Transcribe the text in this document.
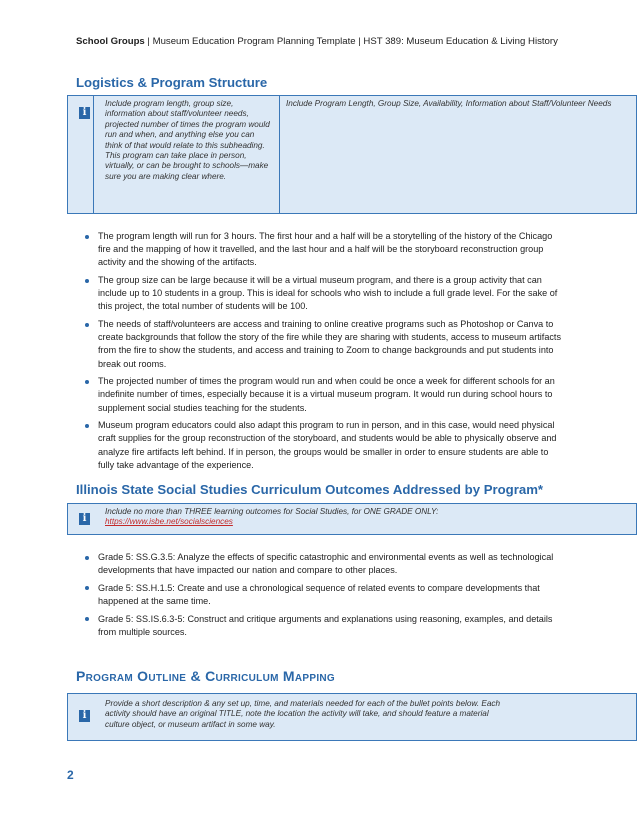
School Groups | Museum Education Program Planning Template | HST 389: Museum Education & Living History
Logistics & Program Structure
i
Include program length, group size, information about staff/volunteer needs, projected number of times the program would run and when, and anything else you can think of that would relate to this subheading. This program can take place in person, virtually, or can be brought to schools—make sure you are making clear where.
Include Program Length, Group Size, Availability, Information about Staff/Volunteer Needs
The program length will run for 3 hours. The first hour and a half will be a storytelling of the history of the Chicago fire and the mapping of how it travelled, and the last hour and a half will be the storyboard reconstruction group activity and the showing of the artifacts.
The group size can be large because it will be a virtual museum program, and there is a group activity that can include up to 10 students in a group. This is ideal for schools who wish to include a full grade level. For the sake of this project, the total number of students will be 100.
The needs of staff/volunteers are access and training to online creative programs such as Photoshop or Canva to create backgrounds that follow the story of the fire while they are sharing with students, access to museum artifacts from the fire to show the students, and access and training to Zoom to change backgrounds and put students into break out rooms.
The projected number of times the program would run and when could be once a week for different schools for an indefinite number of times, especially because it is a virtual museum program. It would run during school hours to supplement social studies teaching for the students.
Museum program educators could also adapt this program to run in person, and in this case, would need physical craft supplies for the group reconstruction of the storyboard, and students would be able to physically observe and analyze fire artifacts left behind. If in person, the groups would be smaller in order to ensure students are able to fully take advantage of the experience.
Illinois State Social Studies Curriculum Outcomes Addressed by Program*
i
Include no more than THREE learning outcomes for Social Studies, for ONE GRADE ONLY:
https://www.isbe.net/socialsciences
Grade 5: SS.G.3.5: Analyze the effects of specific catastrophic and environmental events as well as technological developments that have impacted our nation and compare to other places.
Grade 5: SS.H.1.5: Create and use a chronological sequence of related events to compare developments that happened at the same time.
Grade 5: SS.IS.6.3-5: Construct and critique arguments and explanations using reasoning, examples, and details from multiple sources.
Program Outline & Curriculum Mapping
i
Provide a short description & any set up, time, and materials needed for each of the bullet points below. Each activity should have an original TITLE, note the location the activity will take, and should feature a material culture object, or museum artifact in some way.
2
